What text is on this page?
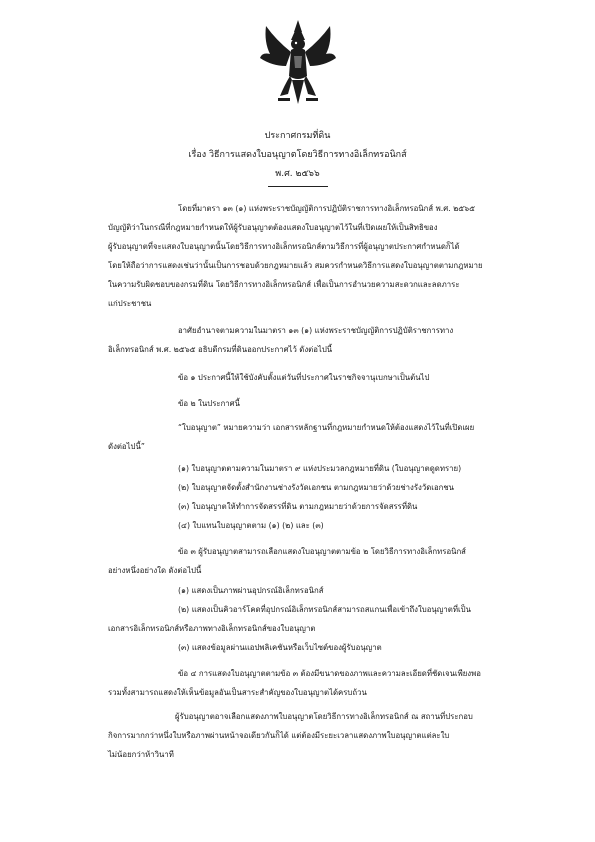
ประกาศกรมที่ดิน
เรื่อง วิธีการแสดงใบอนุญาตโดยวิธีการทางอิเล็กทรอนิกส์
พ.ศ. ๒๕๖๖
โดยที่มาตรา ๑๓ (๑) แห่งพระราชบัญญัติการปฏิบัติราชการทางอิเล็กทรอนิกส์ พ.ศ. ๒๕๖๕
บัญญัติว่าในกรณีที่กฎหมายกำหนดให้ผู้รับอนุญาตต้องแสดงใบอนุญาตไว้ในที่เปิดเผยให้เป็นสิทธิของ
ผู้รับอนุญาตที่จะแสดงใบอนุญาตนั้นโดยวิธีการทางอิเล็กทรอนิกส์ตามวิธีการที่ผู้อนุญาตประกาศกำหนดก็ได้
โดยให้ถือว่าการแสดงเช่นว่านั้นเป็นการชอบด้วยกฎหมายแล้ว สมควรกำหนดวิธีการแสดงใบอนุญาตตามกฎหมาย
ในความรับผิดชอบของกรมที่ดิน โดยวิธีการทางอิเล็กทรอนิกส์ เพื่อเป็นการอำนวยความสะดวกและลดภาระ
แก่ประชาชน
อาศัยอำนาจตามความในมาตรา ๑๓ (๑) แห่งพระราชบัญญัติการปฏิบัติราชการทาง
อิเล็กทรอนิกส์ พ.ศ. ๒๕๖๕ อธิบดีกรมที่ดินออกประกาศไว้ ดังต่อไปนี้
ข้อ ๑ ประกาศนี้ให้ใช้บังคับตั้งแต่วันที่ประกาศในราชกิจจานุเบกษาเป็นต้นไป
ข้อ ๒ ในประกาศนี้
“ใบอนุญาต” หมายความว่า เอกสารหลักฐานที่กฎหมายกำหนดให้ต้องแสดงไว้ในที่เปิดเผย
ดังต่อไปนี้”
(๑) ใบอนุญาตตามความในมาตรา ๙ แห่งประมวลกฎหมายที่ดิน (ใบอนุญาตดูดทราย)
(๒) ใบอนุญาตจัดตั้งสำนักงานช่างรังวัดเอกชน ตามกฎหมายว่าด้วยช่างรังวัดเอกชน
(๓) ใบอนุญาตให้ทำการจัดสรรที่ดิน ตามกฎหมายว่าด้วยการจัดสรรที่ดิน
(๔) ใบแทนใบอนุญาตตาม (๑) (๒) และ (๓)
ข้อ ๓ ผู้รับอนุญาตสามารถเลือกแสดงใบอนุญาตตามข้อ ๒ โดยวิธีการทางอิเล็กทรอนิกส์
อย่างหนึ่งอย่างใด ดังต่อไปนี้
(๑) แสดงเป็นภาพผ่านอุปกรณ์อิเล็กทรอนิกส์
(๒) แสดงเป็นคิวอาร์โคดที่อุปกรณ์อิเล็กทรอนิกส์สามารถสแกนเพื่อเข้าถึงใบอนุญาตที่เป็น
เอกสารอิเล็กทรอนิกส์หรือภาพทางอิเล็กทรอนิกส์ของใบอนุญาต
(๓) แสดงข้อมูลผ่านแอปพลิเคชันหรือเว็บไซต์ของผู้รับอนุญาต
ข้อ ๔ การแสดงใบอนุญาตตามข้อ ๓ ต้องมีขนาดของภาพและความละเอียดที่ชัดเจนเพียงพอ
รวมทั้งสามารถแสดงให้เห็นข้อมูลอันเป็นสาระสำคัญของใบอนุญาตได้ครบถ้วน
ผู้รับอนุญาตอาจเลือกแสดงภาพใบอนุญาตโดยวิธีการทางอิเล็กทรอนิกส์ ณ สถานที่ประกอบ
กิจการมากกว่าหนึ่งใบหรือภาพผ่านหน้าจอเดียวกันก็ได้ แต่ต้องมีระยะเวลาแสดงภาพใบอนุญาตแต่ละใบ
ไม่น้อยกว่าห้าวินาที
